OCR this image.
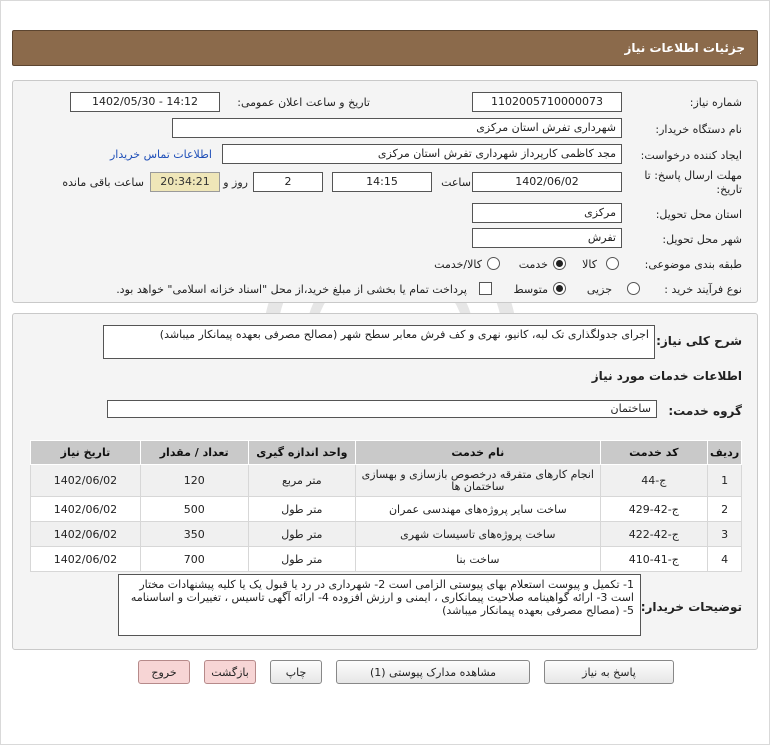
جزئیات اطلاعات نیاز
شماره نیاز:
1102005710000073
تاریخ و ساعت اعلان عمومی:
1402/05/30 - 14:12
نام دستگاه خریدار:
شهرداری تفرش استان مرکزی
ایجاد کننده درخواست:
مجد کاظمی کارپرداز شهرداری تفرش استان مرکزی
اطلاعات تماس خریدار
مهلت ارسال پاسخ: تا
تاریخ:
1402/06/02
ساعت
14:15
2
روز و
20:34:21
ساعت باقی مانده
استان محل تحویل:
مرکزی
شهر محل تحویل:
تفرش
طبقه بندی موضوعی:
کالا
خدمت
کالا/خدمت
نوع فرآیند خرید :
جزیی
متوسط
پرداخت تمام یا بخشی از مبلغ خرید،از محل "اسناد خزانه اسلامی" خواهد بود.
شرح کلی نیاز:
اجرای جدولگذاری تک لبه، کانیو، نهری و کف فرش معابر سطح شهر (مصالح مصرفی بعهده پیمانکار میباشد)
اطلاعات خدمات مورد نیاز
گروه خدمت:
ساختمان
ردیف	کد خدمت	نام خدمت	واحد اندازه گیری	تعداد / مقدار	تاریخ نیاز
1	ج-44	انجام کارهای متفرقه درخصوص بازسازی و بهسازی ساختمان ها	متر مربع	120	1402/06/02
2	ج-42-429	ساخت سایر پروژه‌های مهندسی عمران	متر طول	500	1402/06/02
3	ج-42-422	ساخت پروژه‌های تاسیسات شهری	متر طول	350	1402/06/02
4	ج-41-410	ساخت بنا	متر طول	700	1402/06/02
توضیحات خریدار:
1- تکمیل و پیوست استعلام بهای پیوستی الزامی است 2- شهرداری در رد یا قبول یک یا کلیه پیشنهادات مختار است 3- ارائه گواهینامه صلاحیت پیمانکاری ، ایمنی و ارزش افزوده 4- ارائه آگهی تاسیس ، تغییرات و اساسنامه 5- (مصالح مصرفی بعهده پیمانکار میباشد)
پاسخ به نیاز
مشاهده مدارک پیوستی (1)
چاپ
بازگشت
خروج
